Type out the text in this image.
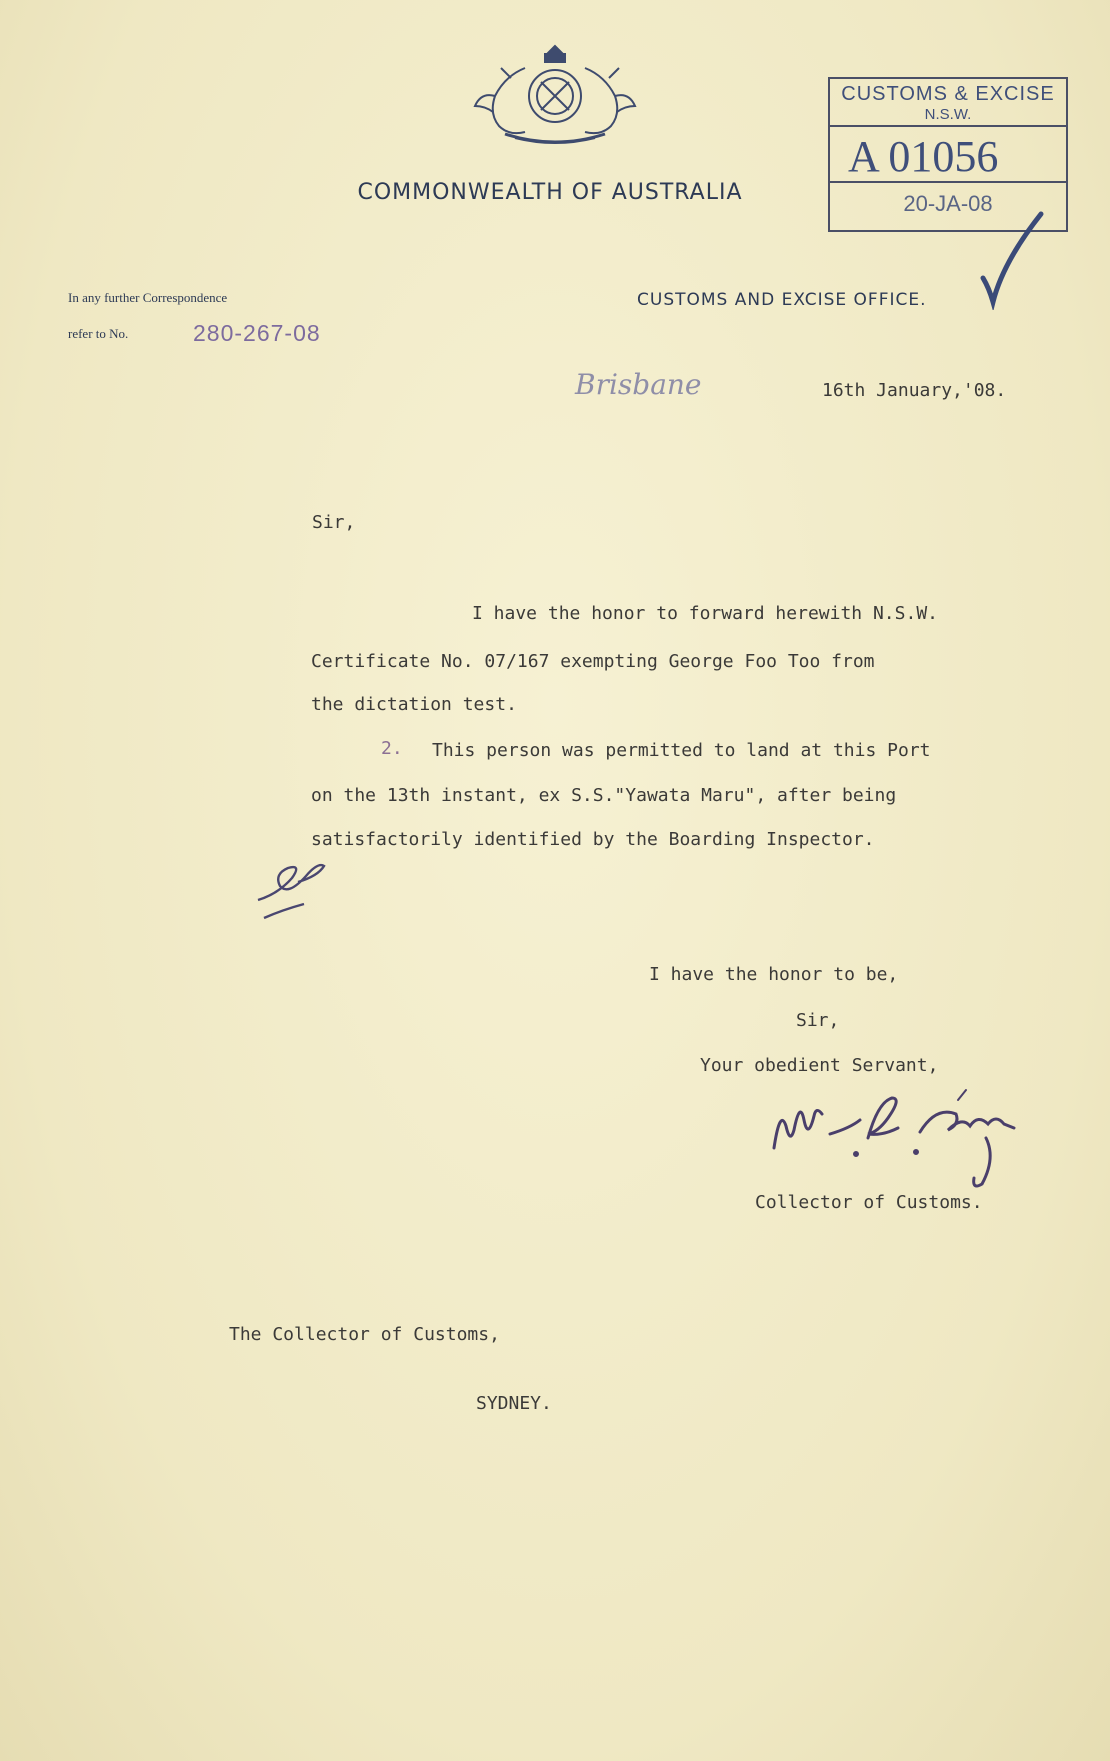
COMMONWEALTH OF AUSTRALIA
CUSTOMS & EXCISE
N.S.W.
A 01056
20-JA-08
In any further Correspondence
refer to No.	280-267-08
CUSTOMS AND EXCISE OFFICE.
Brisbane	16th January,'08.
Sir,
I have the honor to forward herewith N.S.W.
Certificate No. 07/167 exempting George Foo Too from
the dictation test.
2. This person was permitted to land at this Port
on the 13th instant, ex S.S."Yawata Maru", after being
satisfactorily identified by the Boarding Inspector.
I have the honor to be,
Sir,
Your obedient Servant,
Collector of Customs.
The Collector of Customs,
SYDNEY.
